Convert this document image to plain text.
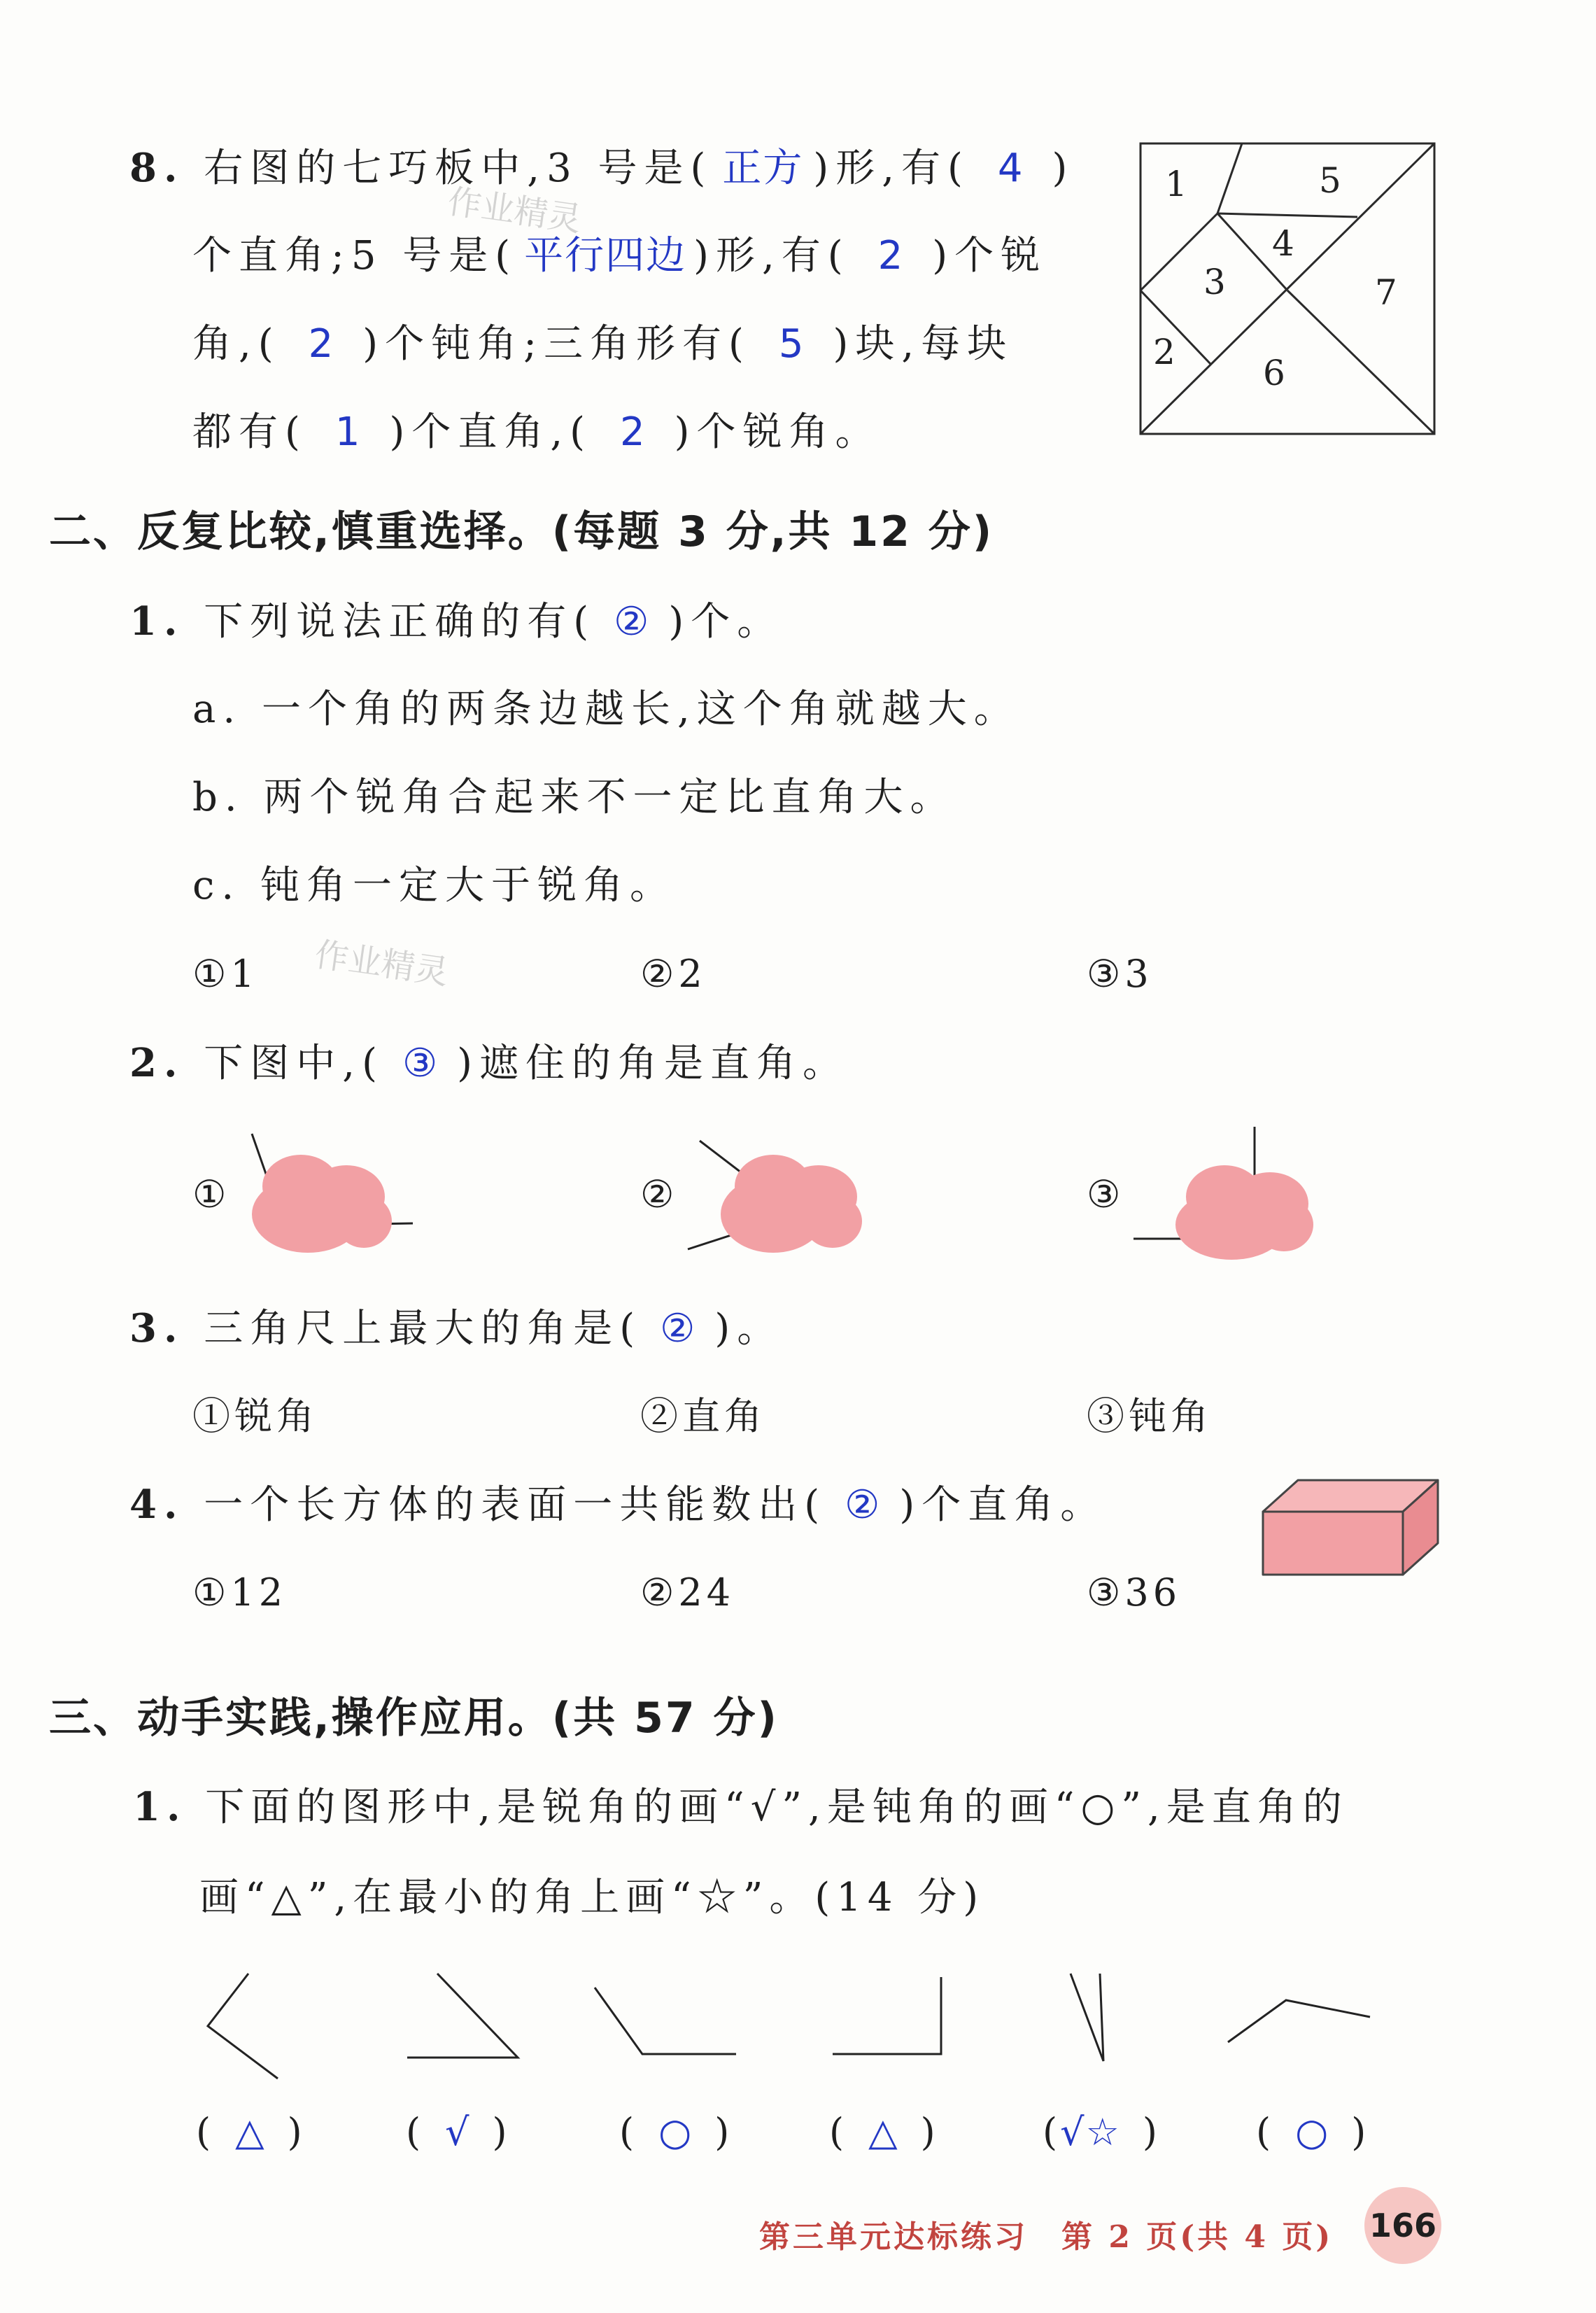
8. 右图的七巧板中,3 号是( 正方 )形,有( 4 )
个直角;5 号是( 平行四边 )形,有( 2 )个锐
角,( 2 )个钝角;三角形有( 5 )块,每块
都有( 1 )个直角,( 2 )个锐角。
1	5
4
3	7
2
6
二、反复比较,慎重选择。(每题 3 分,共 12 分)
1. 下列说法正确的有( ② )个。
a. 一个角的两条边越长,这个角就越大。
b. 两个锐角合起来不一定比直角大。
c. 钝角一定大于锐角。
①1	②2	③3
2. 下图中,( ③ )遮住的角是直角。
①	②	③
3. 三角尺上最大的角是( ② )。
①锐角	②直角	③钝角
4. 一个长方体的表面一共能数出( ② )个直角。
①12	②24	③36
三、动手实践,操作应用。(共 57 分)
1. 下面的图形中,是锐角的画“√”,是钝角的画“○”,是直角的
画“△”,在最小的角上画“☆”。(14 分)
( △ )	( √ )	( ○ )	( △ )	(√☆ )	( ○ )
作业精灵
作业精灵
第三单元达标练习　第 2 页(共 4 页) 166
